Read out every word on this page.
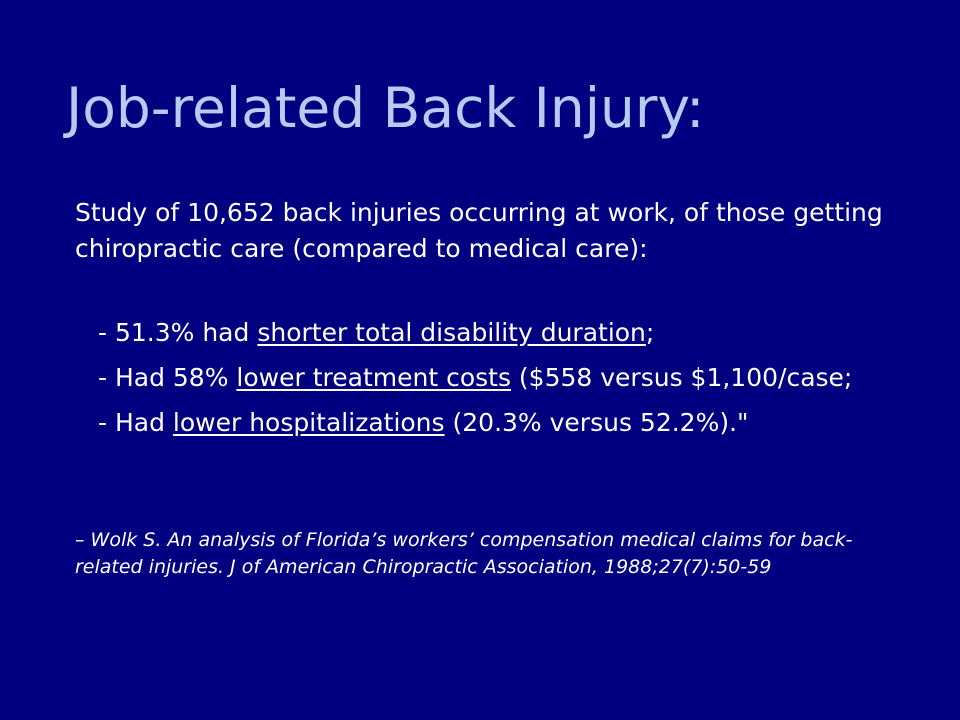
Job-related Back Injury:

Study of 10,652 back injuries occurring at work, of those getting chiropractic care (compared to medical care):

- 51.3% had shorter total disability duration;
- Had 58% lower treatment costs ($558 versus $1,100/case;
- Had lower hospitalizations (20.3% versus 52.2%)."

– Wolk S. An analysis of Florida’s workers’ compensation medical claims for back-related injuries. J of American Chiropractic Association, 1988;27(7):50-59
